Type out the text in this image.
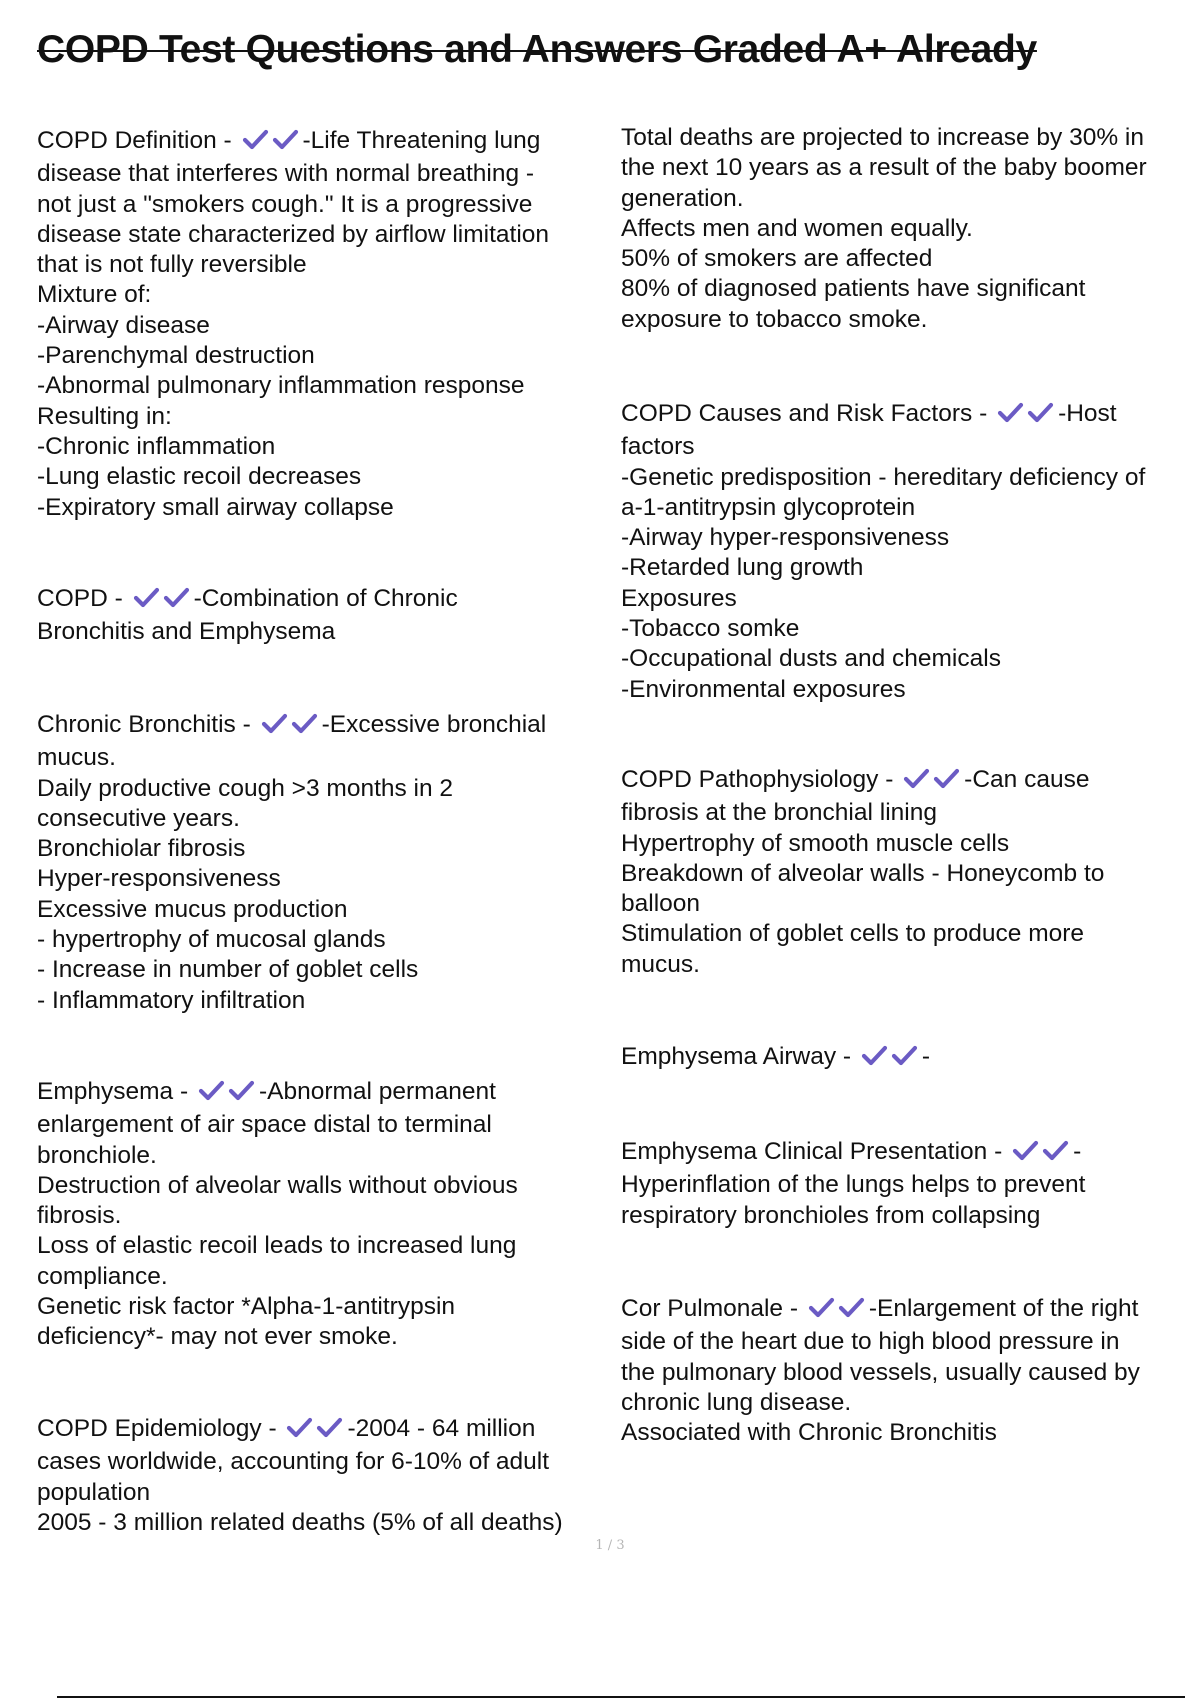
COPD Test Questions and Answers Graded A+ Already
COPD Definition -	-Life Threatening lung
disease that interferes with normal breathing -
not just a "smokers cough." It is a progressive
disease state characterized by airflow limitation
that is not fully reversible
Mixture of:
-Airway disease
-Parenchymal destruction
-Abnormal pulmonary inflammation response
Resulting in:
-Chronic inflammation
-Lung elastic recoil decreases
-Expiratory small airway collapse
COPD -	-Combination of Chronic
Bronchitis and Emphysema
Chronic Bronchitis -	-Excessive bronchial
mucus.
Daily productive cough >3 months in 2
consecutive years.
Bronchiolar fibrosis
Hyper-responsiveness
Excessive mucus production
- hypertrophy of mucosal glands
- Increase in number of goblet cells
- Inflammatory infiltration
Emphysema -	-Abnormal permanent
enlargement of air space distal to terminal
bronchiole.
Destruction of alveolar walls without obvious
fibrosis.
Loss of elastic recoil leads to increased lung
compliance.
Genetic risk factor *Alpha-1-antitrypsin
deficiency*- may not ever smoke.
COPD Epidemiology -	-2004 - 64 million
cases worldwide, accounting for 6-10% of adult
population
2005 - 3 million related deaths (5% of all deaths)
Total deaths are projected to increase by 30% in
the next 10 years as a result of the baby boomer
generation.
Affects men and women equally.
50% of smokers are affected
80% of diagnosed patients have significant
exposure to tobacco smoke.
COPD Causes and Risk Factors -	-Host
factors
-Genetic predisposition - hereditary deficiency of
a-1-antitrypsin glycoprotein
-Airway hyper-responsiveness
-Retarded lung growth
Exposures
-Tobacco somke
-Occupational dusts and chemicals
-Environmental exposures
COPD Pathophysiology -	-Can cause
fibrosis at the bronchial lining
Hypertrophy of smooth muscle cells
Breakdown of alveolar walls - Honeycomb to
balloon
Stimulation of goblet cells to produce more
mucus.
Emphysema Airway -	-
Emphysema Clinical Presentation -	-
Hyperinflation of the lungs helps to prevent
respiratory bronchioles from collapsing
Cor Pulmonale -	-Enlargement of the right
side of the heart due to high blood pressure in
the pulmonary blood vessels, usually caused by
chronic lung disease.
Associated with Chronic Bronchitis
1 / 3
